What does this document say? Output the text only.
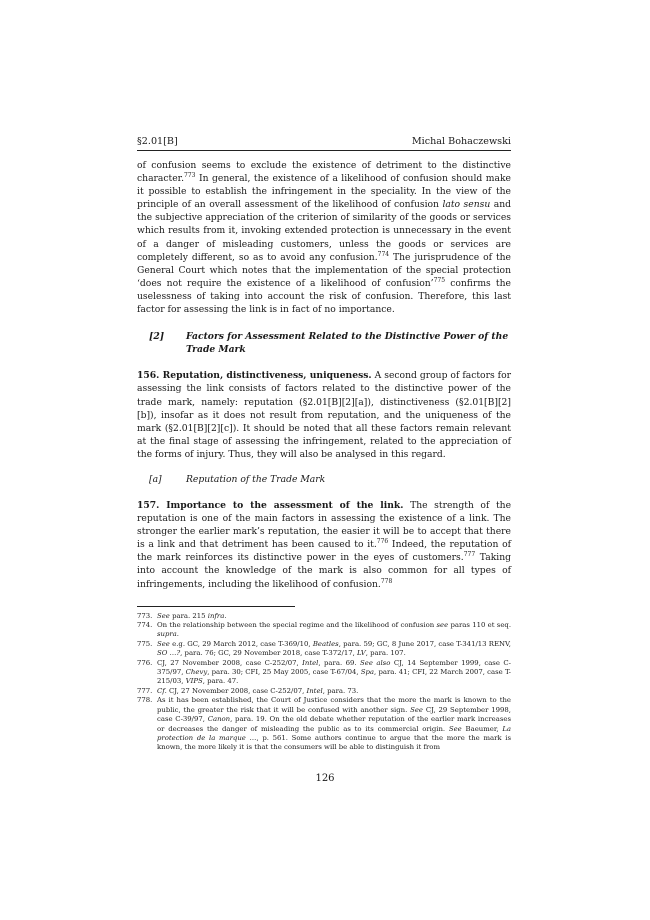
§2.01[B]	Michal Bohaczewski

of confusion seems to exclude the existence of detriment to the distinctive character.$^{773}$ In general, the existence of a likelihood of confusion should make it possible to establish the infringement in the speciality. In the view of the principle of an overall assessment of the likelihood of confusion lato sensu and the subjective appreciation of the criterion of similarity of the goods or services which results from it, invoking extended protection is unnecessary in the event of a danger of misleading customers, unless the goods or services are completely different, so as to avoid any confusion.$^{774}$ The jurisprudence of the General Court which notes that the implementation of the special protection ‘does not require the existence of a likelihood of confusion’$^{775}$ confirms the uselessness of taking into account the risk of confusion. Therefore, this last factor for assessing the link is in fact of no importance.

[2]	Factors for Assessment Related to the Distinctive Power of the Trade Mark

156. Reputation, distinctiveness, uniqueness. A second group of factors for assessing the link consists of factors related to the distinctive power of the trade mark, namely: reputation (§2.01[B][2][a]), distinctiveness (§2.01[B][2][b]), insofar as it does not result from reputation, and the uniqueness of the mark (§2.01[B][2][c]). It should be noted that all these factors remain relevant at the final stage of assessing the infringement, related to the appreciation of the forms of injury. Thus, they will also be analysed in this regard.

[a]	Reputation of the Trade Mark

157. Importance to the assessment of the link. The strength of the reputation is one of the main factors in assessing the existence of a link. The stronger the earlier mark’s reputation, the easier it will be to accept that there is a link and that detriment has been caused to it.$^{776}$ Indeed, the reputation of the mark reinforces its distinctive power in the eyes of customers.$^{777}$ Taking into account the knowledge of the mark is also common for all types of infringements, including the likelihood of confusion.$^{778}$

773. See para. 215 infra.
774. On the relationship between the special regime and the likelihood of confusion see paras 110 et seq. supra.
775. See e.g. GC, 29 March 2012, case T-369/10, Beatles, para. 59; GC, 8 June 2017, case T-341/13 RENV, SO …?, para. 76; GC, 29 November 2018, case T-372/17, LV, para. 107.
776. CJ, 27 November 2008, case C-252/07, Intel, para. 69. See also CJ, 14 September 1999, case C-375/97, Chevy, para. 30; CFI, 25 May 2005, case T-67/04, Spa, para. 41; CFI, 22 March 2007, case T-215/03, VIPS, para. 47.
777. Cf. CJ, 27 November 2008, case C-252/07, Intel, para. 73.
778. As it has been established, the Court of Justice considers that the more the mark is known to the public, the greater the risk that it will be confused with another sign. See CJ, 29 September 1998, case C-39/97, Canon, para. 19. On the old debate whether reputation of the earlier mark increases or decreases the danger of misleading the public as to its commercial origin. See Baeumer, La protection de la marque …, p. 561. Some authors continue to argue that the more the mark is known, the more likely it is that the consumers will be able to distinguish it from
126
